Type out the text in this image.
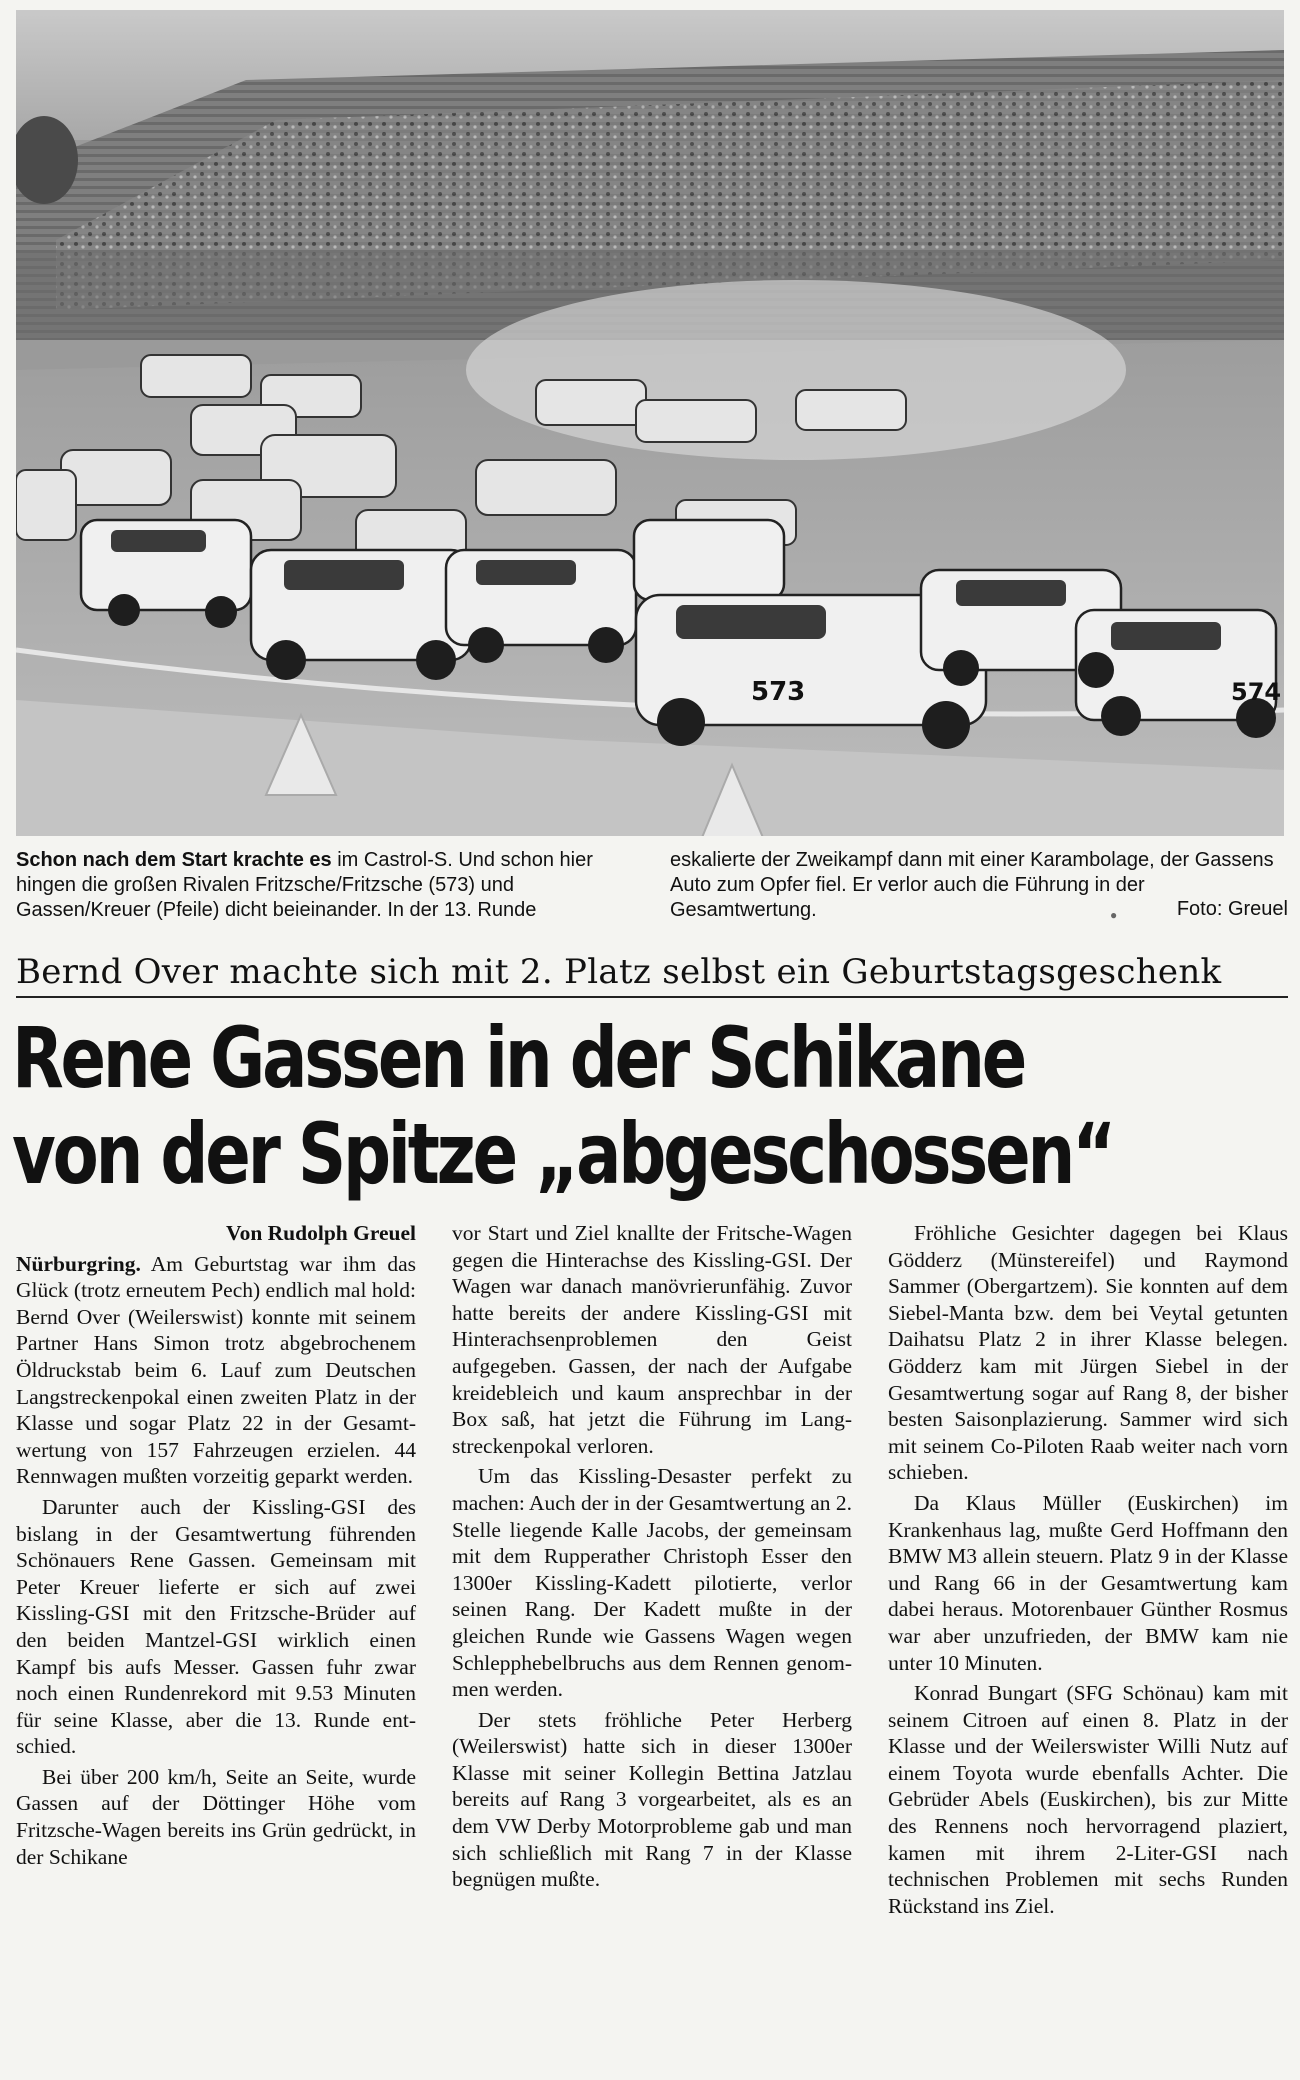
573	574
Schon nach dem Start krachte es im Castrol-S. Und schon hier hingen die großen Rivalen Fritzsche/Fritzsche (573) und Gassen/Kreuer (Pfeile) dicht beieinander. In der 13. Runde
eskalierte der Zweikampf dann mit einer Karambolage, der Gassens Auto zum Opfer fiel. Er verlor auch die Führung in der Gesamtwertung.	●	Foto: Greuel
Bernd Over machte sich mit 2. Platz selbst ein Geburtstagsgeschenk
Rene Gassen in der Schikane
von der Spitze „abgeschossen“

Von Rudolph Greuel

Nürburgring. Am Geburtstag war ihm das Glück (trotz erneutem Pech) endlich mal hold: Bernd Over (Weilerswist) konnte mit seinem Partner Hans Simon trotz abgebrochenem Öldruckstab beim 6. Lauf zum Deutschen Langstreckenpokal einen zweiten Platz in der Klasse und sogar Platz 22 in der Gesamtwertung von 157 Fahrzeugen erzielen. 44 Rennwagen mußten vorzeitig geparkt werden.

Darunter auch der Kissling-GSI des bislang in der Gesamtwertung führenden Schönauers Rene Gassen. Gemeinsam mit Peter Kreuer lieferte er sich auf zwei Kissling-GSI mit den Fritzsche-Brüder auf den beiden Mantzel-GSI wirklich einen Kampf bis aufs Messer. Gassen fuhr zwar noch einen Rundenrekord mit 9.53 Minuten für seine Klasse, aber die 13. Runde entschied.

Bei über 200 km/h, Seite an Seite, wurde Gassen auf der Döttinger Höhe vom Fritzsche-Wagen bereits ins Grün gedrückt, in der Schikane

vor Start und Ziel knallte der Fritsche-Wagen gegen die Hinterachse des Kissling-GSI. Der Wagen war danach manövrierunfähig. Zuvor hatte bereits der andere Kissling-GSI mit Hinterachsenproblemen den Geist aufgegeben. Gassen, der nach der Aufgabe kreidebleich und kaum ansprechbar in der Box saß, hat jetzt die Führung im Langstreckenpokal verloren.

Um das Kissling-Desaster perfekt zu machen: Auch der in der Gesamtwertung an 2. Stelle liegende Kalle Jacobs, der gemeinsam mit dem Rupperather Christoph Esser den 1300er Kissling-Kadett pilotierte, verlor seinen Rang. Der Kadett mußte in der gleichen Runde wie Gassens Wagen wegen Schlepphebelbruchs aus dem Rennen genommen werden.

Der stets fröhliche Peter Herberg (Weilerswist) hatte sich in dieser 1300er Klasse mit seiner Kollegin Bettina Jatzlau bereits auf Rang 3 vorgearbeitet, als es an dem VW Derby Motorprobleme gab und man sich schließlich mit Rang 7 in der Klasse begnügen mußte.

Fröhliche Gesichter dagegen bei Klaus Gödderz (Münstereifel) und Raymond Sammer (Obergartzem). Sie konnten auf dem Siebel-Manta bzw. dem bei Veytal getunten Daihatsu Platz 2 in ihrer Klasse belegen. Gödderz kam mit Jürgen Siebel in der Gesamtwertung sogar auf Rang 8, der bisher besten Saisonplazierung. Sammer wird sich mit seinem Co-Piloten Raab weiter nach vorn schieben.

Da Klaus Müller (Euskirchen) im Krankenhaus lag, mußte Gerd Hoffmann den BMW M3 allein steuern. Platz 9 in der Klasse und Rang 66 in der Gesamtwertung kam dabei heraus. Motorenbauer Günther Rosmus war aber unzufrieden, der BMW kam nie unter 10 Minuten.

Konrad Bungart (SFG Schönau) kam mit seinem Citroen auf einen 8. Platz in der Klasse und der Weilerswister Willi Nutz auf einem Toyota wurde ebenfalls Achter. Die Gebrüder Abels (Euskirchen), bis zur Mitte des Rennens noch hervorragend plaziert, kamen mit ihrem 2-Liter-GSI nach technischen Problemen mit sechs Runden Rückstand ins Ziel.
